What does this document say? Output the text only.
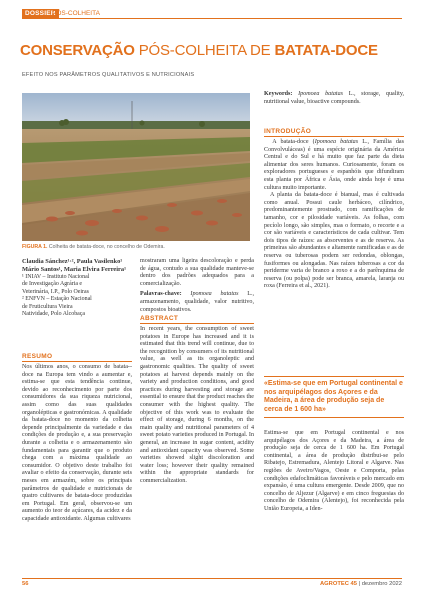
DOSSIER
PÓS-COLHEITA
CONSERVAÇÃO PÓS-COLHEITA DE BATATA-DOCE
EFEITO NOS PARÂMETROS QUALITATIVOS E NUTRICIONAIS
FIGURA 1. Colheita de batata-doce, no concelho de Odemira.
Claudia Sánchez¹·², Paula Vasilenko¹
Mário Santos¹, Maria Elvira Ferreira¹
¹ INIAV – Instituto Nacional
de Investigação Agrária e
Veterinária, I.P., Polo Oeiras
² ENFVN – Estação Nacional
de Fruticultura Vieira
Natividade, Polo Alcobaça
RESUMO
Nos últimos anos, o consumo de batata--doce na Europa tem vindo a aumentar e, estima-se que esta tendência continue, devido ao reconhecimento por parte dos consumidores da sua riqueza nutricional, assim como das suas qualidades organolépticas e gastronómicas. A qualidade da batata-doce no momento da colheita depende principalmente da variedade e das condições de produção e, a sua preservação durante a colheita e o armazenamento são fundamentais para garantir que o produto chega com a máxima qualidade ao consumidor. O objetivo deste trabalho foi avaliar o efeito da conservação, durante seis meses em armazém, sobre os principais parâmetros de qualidade e nutricionais de quatro cultivares de batata-doce produzidas em Portugal. Em geral, observou-se um aumento do teor de açúcares, da acidez e da capacidade antioxidante. Algumas cultivares
mostraram uma ligeira descoloração e perda de água, contudo a sua qualidade manteve-se dentro dos padrões adequados para a comercialização.
Palavras-chave: Ipomoea batatas L., armazenamento, qualidade, valor nutritivo, compostos bioativos.
ABSTRACT
In recent years, the consumption of sweet potatoes in Europe has increased and it is estimated that this trend will continue, due to the recognition by consumers of its nutritional value, as well as its organoleptic and gastronomic qualities. The quality of sweet potatoes at harvest depends mainly on the variety and production conditions, and good practices during harvesting and storage are essential to ensure that the product reaches the consumer with the highest quality. The objective of this work was to evaluate the effect of storage, during 6 months, on the main quality and nutritional parameters of 4 sweet potato varieties produced in Portugal. In general, an increase in sugar content, acidity and antioxidant capacity was observed. Some varieties showed slight discoloration and water loss; however their quality remained within the appropriate standards for commercialization.
Keywords: Ipomoea batatas L., storage, quality, nutritional value, bioactive compounds.
INTRODUÇÃO
A batata-doce (Ipomoea batatas L., Família das Convolvuláceas) é uma espécie originária da América Central e do Sul e há muito que faz parte da dieta alimentar dos seres humanos. Curiosamente, foram os exploradores portugueses e espanhóis que difundiram esta planta por África e Ásia, onde ainda hoje é uma cultura muito importante.
A planta da batata-doce é bianual, mas é cultivada como anual. Possui caule herbáceo, cilíndrico, predominantemente prostrado, com ramificações de tamanho, cor e pilosidade variáveis. As folhas, com pecíolo longo, são simples, mas o formato, o recorte e a cor são variáveis e característicos de cada cultivar. Tem dois tipos de raízes: as absorventes e as de reserva. As primeiras são abundantes e altamente ramificadas e as de reserva ou tuberosas podem ser redondas, oblongas, fusiformes ou alongadas. Nas raízes tuberosas a cor da periderme varia de branco a roxo e a do parênquima de reserva (ou polpa) pode ser branca, amarela, laranja ou roxa (Ferreira et al., 2021).
«Estima-se que em Portugal continental e nos arquipélagos dos Açores e da Madeira, a área de produção seja de cerca de 1 600 ha»
Estima-se que em Portugal continental e nos arquipélagos dos Açores e da Madeira, a área de produção seja de cerca de 1 600 ha. Em Portugal continental, a área de produção distribui-se pelo Ribatejo, Estremadura, Alentejo Litoral e Algarve. Nas regiões de Aveiro/Vagos, Oeste e Comporta, pelas condições edafoclimáticas favoráveis e pelo mercado em expansão, é uma cultura emergente. Desde 2009, que no concelho de Aljezur (Algarve) e em cinco freguesias do concelho de Odemira (Alentejo), foi reconhecida pela União Europeia, a Iden-
56	AGROTEC 45 | dezembro 2022
